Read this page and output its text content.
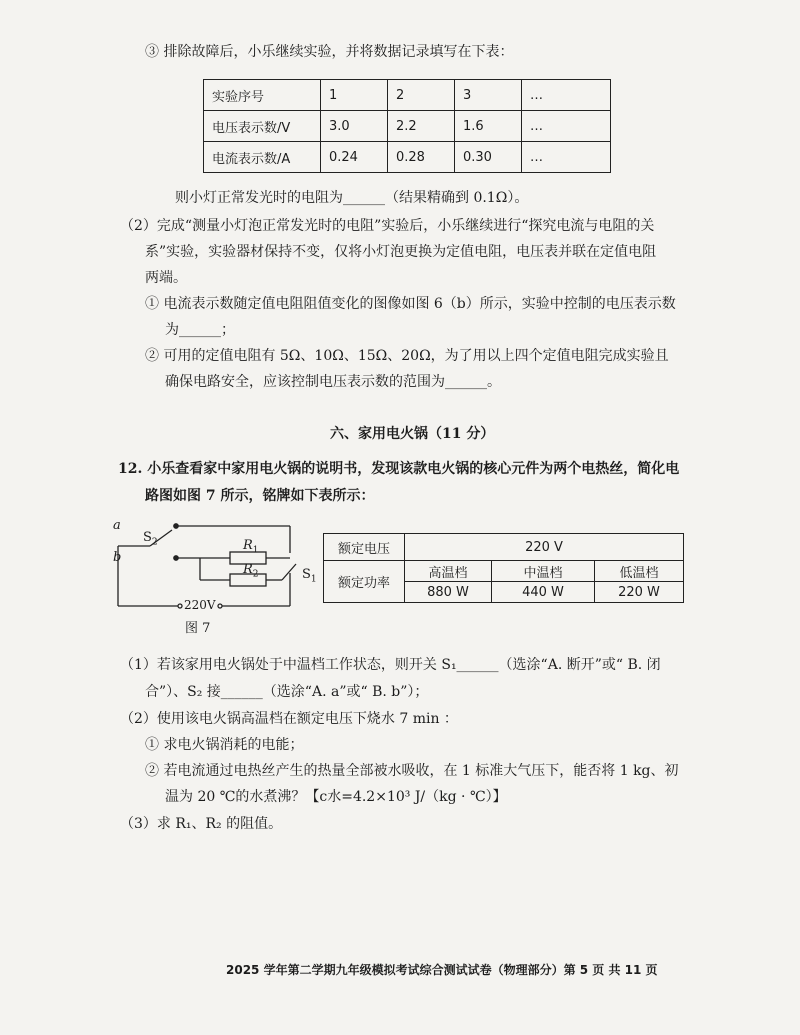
③ 排除故障后，小乐继续实验，并将数据记录填写在下表：
实验序号	1	2	3	…
电压表示数/V	3.0	2.2	1.6	…
电流表示数/A	0.24	0.28	0.30	…
则小灯正常发光时的电阻为______（结果精确到 0.1Ω）。
（2）完成“测量小灯泡正常发光时的电阻”实验后，小乐继续进行“探究电流与电阻的关
系”实验，实验器材保持不变，仅将小灯泡更换为定值电阻，电压表并联在定值电阻
两端。
① 电流表示数随定值电阻阻值变化的图像如图 6（b）所示，实验中控制的电压表示数
为______；
② 可用的定值电阻有 5Ω、10Ω、15Ω、20Ω，为了用以上四个定值电阻完成实验且
确保电路安全，应该控制电压表示数的范围为______。
六、家用电火锅（11 分）
12. 小乐查看家中家用电火锅的说明书，发现该款电火锅的核心元件为两个电热丝，简化电
路图如图 7 所示，铭牌如下表所示：
a
b
$S_2$	$R_1$
$R_2$	$S_1$
220V
图 7
额定电压	220 V		
额定功率	高温档	中温档	低温档
	880 W	440 W	220 W
（1）若该家用电火锅处于中温档工作状态，则开关 S₁______（选涂“A. 断开”或“ B. 闭
合”）、S₂ 接______（选涂“A. a”或“ B. b”）；
（2）使用该电火锅高温档在额定电压下烧水 7 min ：
① 求电火锅消耗的电能；
② 若电流通过电热丝产生的热量全部被水吸收，在 1 标准大气压下，能否将 1 kg、初
温为 20 ℃的水煮沸？【c水=4.2×10³ J/（kg · ℃）】
（3）求 R₁、R₂ 的阻值。
2025 学年第二学期九年级模拟考试综合测试试卷（物理部分）第 5 页 共 11 页
